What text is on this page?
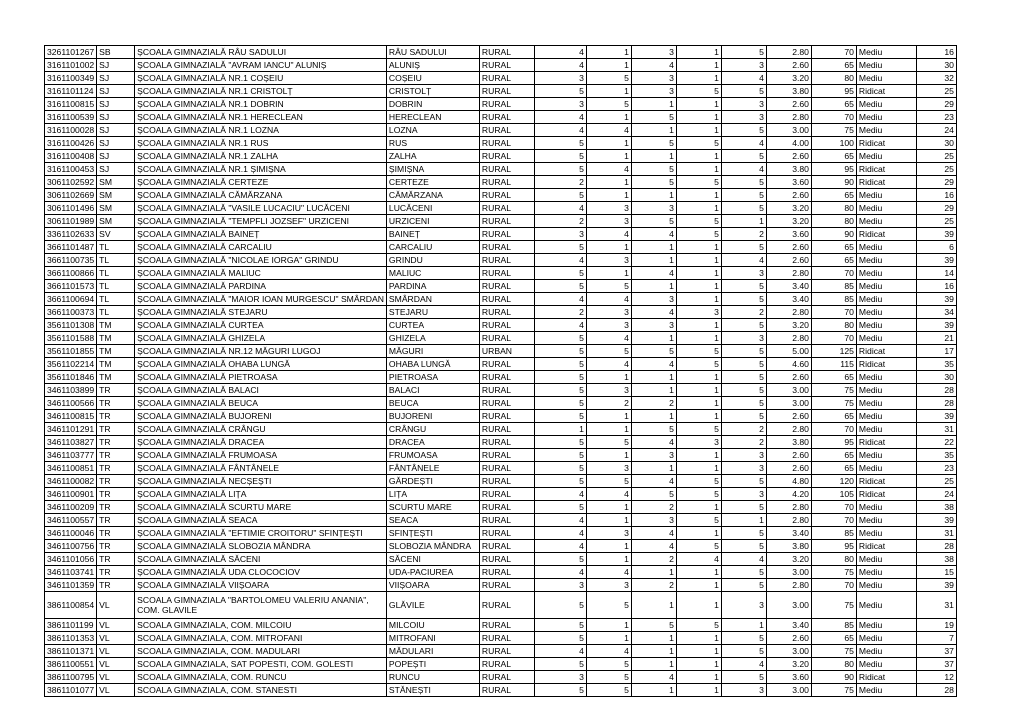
3261101267	SB	ȘCOALA GIMNAZIALĂ RÂU SADULUI	RÂU SADULUI	RURAL	4	1	3	1	5	2.80	70	Mediu	16
3161101002	SJ	ȘCOALA GIMNAZIALĂ "AVRAM IANCU" ALUNIȘ	ALUNIȘ	RURAL	4	1	4	1	3	2.60	65	Mediu	30
3161100349	SJ	ȘCOALA GIMNAZIALĂ NR.1 COȘEIU	COȘEIU	RURAL	3	5	3	1	4	3.20	80	Mediu	32
3161101124	SJ	ȘCOALA GIMNAZIALĂ NR.1 CRISTOLȚ	CRISTOLȚ	RURAL	5	1	3	5	5	3.80	95	Ridicat	25
3161100815	SJ	ȘCOALA GIMNAZIALĂ NR.1 DOBRIN	DOBRIN	RURAL	3	5	1	1	3	2.60	65	Mediu	29
3161100539	SJ	ȘCOALA GIMNAZIALĂ NR.1 HERECLEAN	HERECLEAN	RURAL	4	1	5	1	3	2.80	70	Mediu	23
3161100028	SJ	ȘCOALA GIMNAZIALĂ NR.1 LOZNA	LOZNA	RURAL	4	4	1	1	5	3.00	75	Mediu	24
3161100426	SJ	ȘCOALA GIMNAZIALĂ NR.1 RUS	RUS	RURAL	5	1	5	5	4	4.00	100	Ridicat	30
3161100408	SJ	ȘCOALA GIMNAZIALĂ NR.1 ZALHA	ZALHA	RURAL	5	1	1	1	5	2.60	65	Mediu	25
3161100453	SJ	ȘCOALA GIMNAZIALĂ NR.1 ȘIMIȘNA	ȘIMIȘNA	RURAL	5	4	5	1	4	3.80	95	Ridicat	25
3061102592	SM	ȘCOALA GIMNAZIALĂ CERTEZE	CERTEZE	RURAL	2	1	5	5	5	3.60	90	Ridicat	29
3061102669	SM	ȘCOALA GIMNAZIALĂ CĂMĂRZANA	CĂMĂRZANA	RURAL	5	1	1	1	5	2.60	65	Mediu	16
3061101496	SM	ȘCOALA GIMNAZIALĂ "VASILE LUCACIU" LUCĂCENI	LUCĂCENI	RURAL	4	3	3	1	5	3.20	80	Mediu	29
3061101989	SM	ȘCOALA GIMNAZIALĂ "TEMPFLI JOZSEF" URZICENI	URZICENI	RURAL	2	3	5	5	1	3.20	80	Mediu	25
3361102633	SV	ȘCOALA GIMNAZIALĂ BAINEȚ	BAINEȚ	RURAL	3	4	4	5	2	3.60	90	Ridicat	39
3661101487	TL	ȘCOALA GIMNAZIALĂ CARCALIU	CARCALIU	RURAL	5	1	1	1	5	2.60	65	Mediu	6
3661100735	TL	ȘCOALA GIMNAZIALĂ "NICOLAE IORGA" GRINDU	GRINDU	RURAL	4	3	1	1	4	2.60	65	Mediu	39
3661100866	TL	ȘCOALA GIMNAZIALĂ MALIUC	MALIUC	RURAL	5	1	4	1	3	2.80	70	Mediu	14
3661101573	TL	ȘCOALA GIMNAZIALĂ PARDINA	PARDINA	RURAL	5	5	1	1	5	3.40	85	Mediu	16
3661100694	TL	ȘCOALA GIMNAZIALĂ "MAIOR IOAN MURGESCU" SMÂRDAN	SMÂRDAN	RURAL	4	4	3	1	5	3.40	85	Mediu	39
3661100373	TL	ȘCOALA GIMNAZIALĂ STEJARU	STEJARU	RURAL	2	3	4	3	2	2.80	70	Mediu	34
3561101308	TM	ȘCOALA GIMNAZIALĂ CURTEA	CURTEA	RURAL	4	3	3	1	5	3.20	80	Mediu	39
3561101588	TM	ȘCOALA GIMNAZIALĂ GHIZELA	GHIZELA	RURAL	5	4	1	1	3	2.80	70	Mediu	21
3561101855	TM	ȘCOALA GIMNAZIALĂ NR.12 MĂGURI LUGOJ	MĂGURI	URBAN	5	5	5	5	5	5.00	125	Ridicat	17
3561102214	TM	ȘCOALA GIMNAZIALĂ OHABA LUNGĂ	OHABA LUNGĂ	RURAL	5	4	4	5	5	4.60	115	Ridicat	35
3561101846	TM	ȘCOALA GIMNAZIALĂ PIETROASA	PIETROASA	RURAL	5	1	1	1	5	2.60	65	Mediu	30
3461103899	TR	ȘCOALA GIMNAZIALĂ BALACI	BALACI	RURAL	5	3	1	1	5	3.00	75	Mediu	28
3461100566	TR	ȘCOALA GIMNAZIALĂ BEUCA	BEUCA	RURAL	5	2	2	1	5	3.00	75	Mediu	28
3461100815	TR	ȘCOALA GIMNAZIALĂ BUJORENI	BUJORENI	RURAL	5	1	1	1	5	2.60	65	Mediu	39
3461101291	TR	ȘCOALA GIMNAZIALĂ CRÂNGU	CRÂNGU	RURAL	1	1	5	5	2	2.80	70	Mediu	31
3461103827	TR	ȘCOALA GIMNAZIALĂ DRACEA	DRACEA	RURAL	5	5	4	3	2	3.80	95	Ridicat	22
3461103777	TR	ȘCOALA GIMNAZIALĂ FRUMOASA	FRUMOASA	RURAL	5	1	3	1	3	2.60	65	Mediu	35
3461100851	TR	ȘCOALA GIMNAZIALĂ FÂNTÂNELE	FÂNTÂNELE	RURAL	5	3	1	1	3	2.60	65	Mediu	23
3461100082	TR	ȘCOALA GIMNAZIALĂ NECȘEȘTI	GĂRDEȘTI	RURAL	5	5	4	5	5	4.80	120	Ridicat	25
3461100901	TR	ȘCOALA GIMNAZIALĂ LIȚA	LIȚA	RURAL	4	4	5	5	3	4.20	105	Ridicat	24
3461100209	TR	ȘCOALA GIMNAZIALĂ SCURTU MARE	SCURTU MARE	RURAL	5	1	2	1	5	2.80	70	Mediu	38
3461100557	TR	ȘCOALA GIMNAZIALĂ SEACA	SEACA	RURAL	4	1	3	5	1	2.80	70	Mediu	39
3461100046	TR	ȘCOALA GIMNAZIALĂ "EFTIMIE CROITORU" SFINȚEȘTI	SFINȚEȘTI	RURAL	4	3	4	1	5	3.40	85	Mediu	31
3461100756	TR	ȘCOALA GIMNAZIALĂ SLOBOZIA MÂNDRA	SLOBOZIA MÂNDRA	RURAL	4	1	4	5	5	3.80	95	Ridicat	28
3461101056	TR	ȘCOALA GIMNAZIALĂ SĂCENI	SĂCENI	RURAL	5	1	2	4	4	3.20	80	Mediu	38
3461103741	TR	ȘCOALA GIMNAZIALĂ UDA CLOCOCIOV	UDA-PACIUREA	RURAL	4	4	1	1	5	3.00	75	Mediu	15
3461101359	TR	ȘCOALA GIMNAZIALĂ VIIȘOARA	VIIȘOARA	RURAL	3	3	2	1	5	2.80	70	Mediu	39
3861100854	VL	SCOALA GIMNAZIALA "BARTOLOMEU VALERIU ANANIA", COM. GLAVILE	GLĂVILE	RURAL	5	5	1	1	3	3.00	75	Mediu	31
3861101199	VL	SCOALA GIMNAZIALA, COM. MILCOIU	MILCOIU	RURAL	5	1	5	5	1	3.40	85	Mediu	19
3861101353	VL	SCOALA GIMNAZIALA, COM. MITROFANI	MITROFANI	RURAL	5	1	1	1	5	2.60	65	Mediu	7
3861101371	VL	SCOALA GIMNAZIALA, COM. MADULARI	MĂDULARI	RURAL	4	4	1	1	5	3.00	75	Mediu	37
3861100551	VL	SCOALA GIMNAZIALA, SAT POPESTI, COM. GOLESTI	POPEȘTI	RURAL	5	5	1	1	4	3.20	80	Mediu	37
3861100795	VL	SCOALA GIMNAZIALA, COM. RUNCU	RUNCU	RURAL	3	5	4	1	5	3.60	90	Ridicat	12
3861101077	VL	SCOALA GIMNAZIALA, COM. STANESTI	STĂNEȘTI	RURAL	5	5	1	1	3	3.00	75	Mediu	28
